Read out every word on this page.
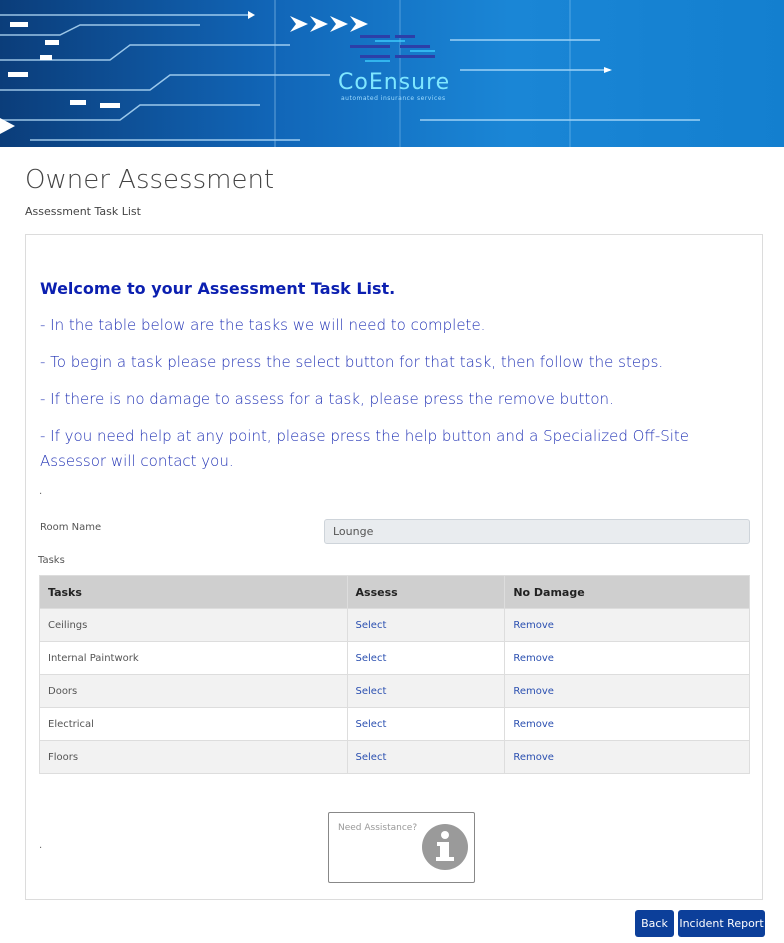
CoEnsure
automated insurance services
Owner Assessment
Assessment Task List
Welcome to your Assessment Task List.
- In the table below are the tasks we will need to complete.
- To begin a task please press the select button for that task, then follow the steps.
- If there is no damage to assess for a task, please press the remove button.
- If you need help at any point, please press the help button and a Specialized Off-Site Assessor will contact you.
.
Room Name	Lounge
Tasks
Tasks	Assess	No Damage
Ceilings	Select	Remove
Internal Paintwork	Select	Remove
Doors	Select	Remove
Electrical	Select	Remove
Floors	Select	Remove
.
Need Assistance?
Back	Incident Report
